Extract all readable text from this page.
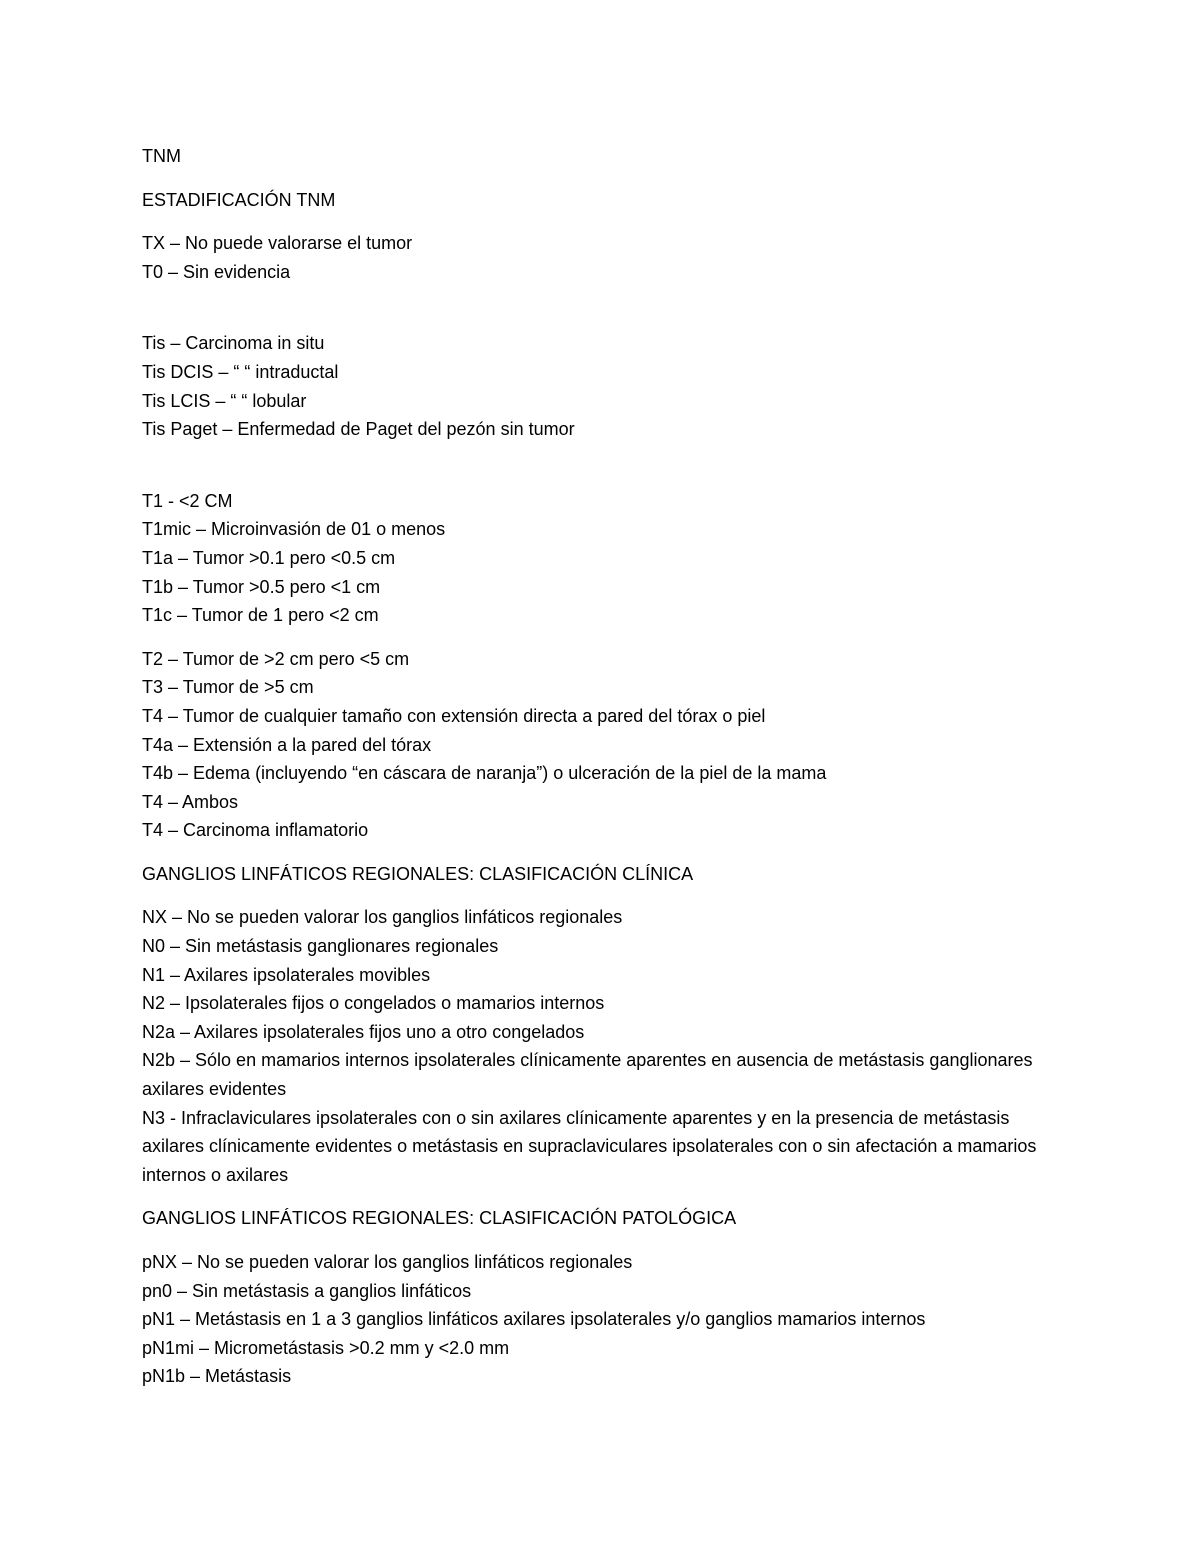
TNM
ESTADIFICACIÓN TNM
TX – No puede valorarse el tumor
T0 – Sin evidencia
Tis – Carcinoma in situ
Tis DCIS – “ “ intraductal
Tis LCIS – “ “ lobular
Tis Paget – Enfermedad de Paget del pezón sin tumor
T1 - <2 CM
T1mic – Microinvasión de 01 o menos
T1a – Tumor >0.1 pero <0.5 cm
T1b – Tumor >0.5 pero <1 cm
T1c – Tumor de 1 pero <2 cm
T2 – Tumor de >2 cm pero <5 cm
T3 – Tumor de >5 cm
T4 – Tumor de cualquier tamaño con extensión directa a pared del tórax o piel
T4a – Extensión a la pared del tórax
T4b – Edema (incluyendo “en cáscara de naranja”) o ulceración de la piel de la mama
T4 – Ambos
T4 – Carcinoma inflamatorio
GANGLIOS LINFÁTICOS REGIONALES: CLASIFICACIÓN CLÍNICA
NX – No se pueden valorar los ganglios linfáticos regionales
N0 – Sin metástasis ganglionares regionales
N1 – Axilares ipsolaterales movibles
N2 – Ipsolaterales fijos o congelados o mamarios internos
N2a – Axilares ipsolaterales fijos uno a otro congelados
N2b – Sólo en mamarios internos ipsolaterales clínicamente aparentes en ausencia de metástasis ganglionares axilares evidentes
N3 - Infraclaviculares ipsolaterales con o sin axilares clínicamente aparentes y en la presencia de metástasis axilares clínicamente evidentes o metástasis en supraclaviculares ipsolaterales con o sin afectación a mamarios internos o axilares
GANGLIOS LINFÁTICOS REGIONALES: CLASIFICACIÓN PATOLÓGICA
pNX – No se pueden valorar los ganglios linfáticos regionales
pn0 – Sin metástasis a ganglios linfáticos
pN1 – Metástasis en 1 a 3 ganglios linfáticos axilares ipsolaterales y/o ganglios mamarios internos
pN1mi – Micrometástasis >0.2 mm y <2.0 mm
pN1b – Metástasis
